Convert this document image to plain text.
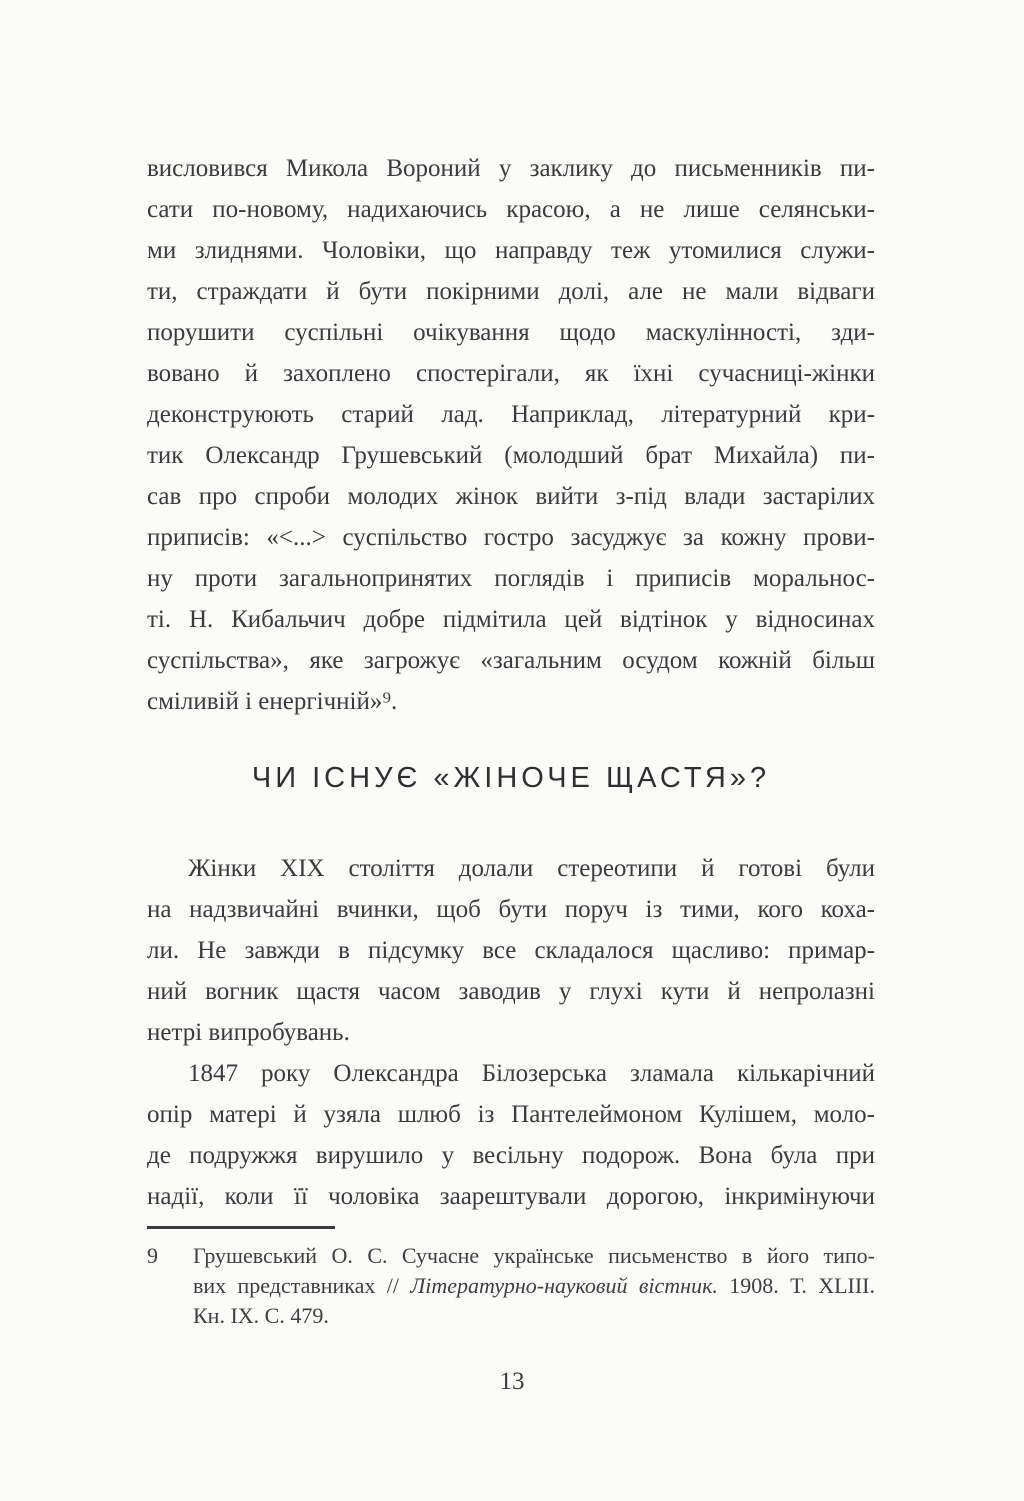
висловився Микола Вороний у заклику до письменників пи-
сати по-новому, надихаючись красою, а не лише селянськи-
ми злиднями. Чоловіки, що направду теж утомилися служи-
ти, страждати й бути покірними долі, але не мали відваги
порушити суспільні очікування щодо маскулінності, зди-
вовано й захоплено спостерігали, як їхні сучасниці-жінки
деконструюють старий лад. Наприклад, літературний кри-
тик Олександр Грушевський (молодший брат Михайла) пи-
сав про спроби молодих жінок вийти з-під влади застарілих
приписів: «<...> суспільство гостро засуджує за кожну прови-
ну проти загальнопринятих поглядів і приписів моральнос-
ті. Н. Кибальчич добре підмітила цей відтінок у відносинах
суспільства», яке загрожує «загальним осудом кожній більш
сміливій і енергічній»⁹.
ЧИ ІСНУЄ «ЖІНОЧЕ ЩАСТЯ»?
Жінки XIX століття долали стереотипи й готові були
на надзвичайні вчинки, щоб бути поруч із тими, кого коха-
ли. Не завжди в підсумку все складалося щасливо: примар-
ний вогник щастя часом заводив у глухі кути й непролазні
нетрі випробувань.
1847 року Олександра Білозерська зламала кількарічний
опір матері й узяла шлюб із Пантелеймоном Кулішем, моло-
де подружжя вирушило у весільну подорож. Вона була при
надії, коли її чоловіка заарештували дорогою, інкримінуючи
9	Грушевський О. С. Сучасне українське письменство в його типо-
вих представниках // Літературно-науковий вістник. 1908. Т. XLIII.
Кн. IX. С. 479.
13
